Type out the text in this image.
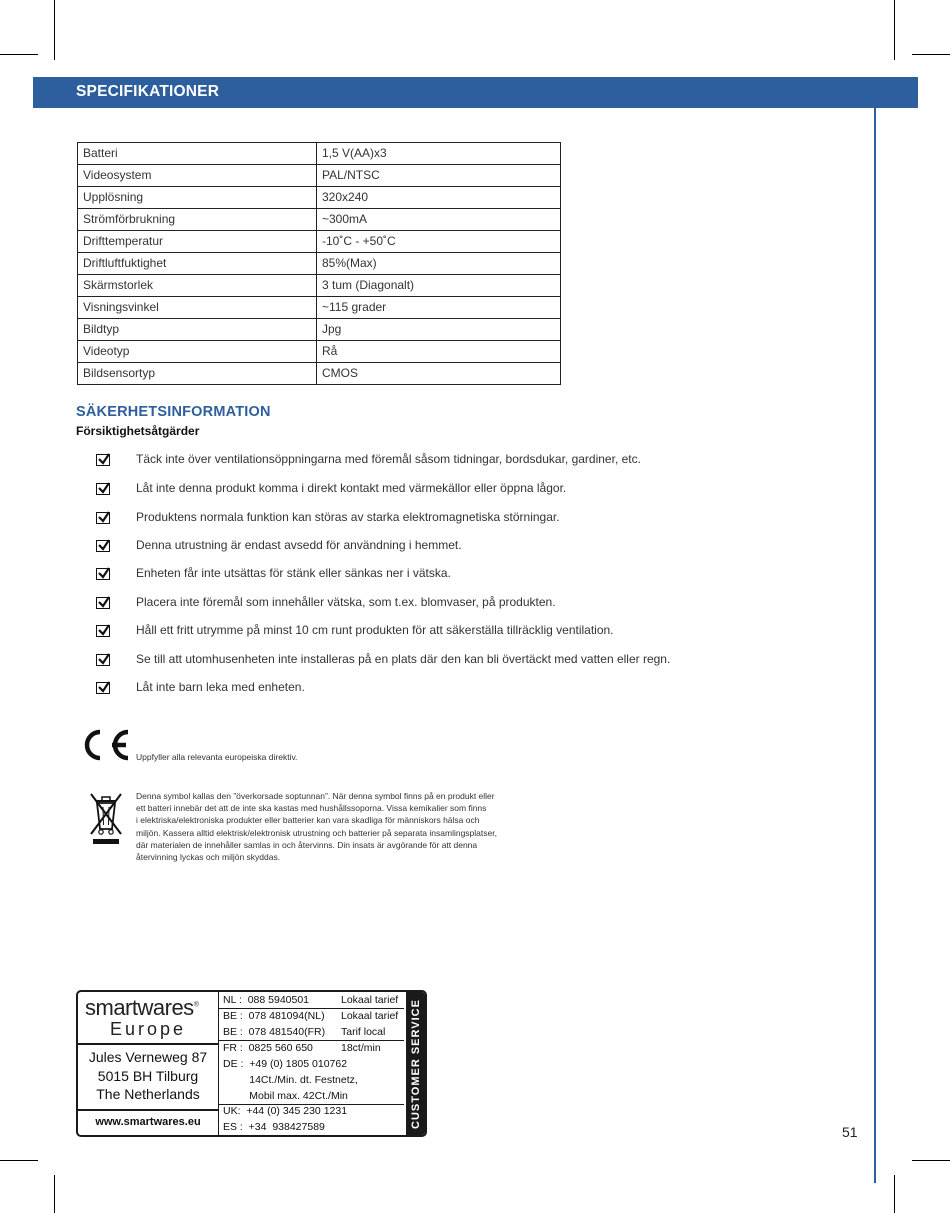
SPECIFIKATIONER
Batteri	1,5 V(AA)x3
Videosystem	PAL/NTSC
Upplösning	320x240
Strömförbrukning	~300mA
Drifttemperatur	-10˚C - +50˚C
Driftluftfuktighet	85%(Max)
Skärmstorlek	3 tum (Diagonalt)
Visningsvinkel	~115 grader
Bildtyp	Jpg
Videotyp	Rå
Bildsensortyp	CMOS
SÄKERHETSINFORMATION
Försiktighetsåtgärder
Täck inte över ventilationsöppningarna med föremål såsom tidningar, bordsdukar, gardiner, etc.
Låt inte denna produkt komma i direkt kontakt med värmekällor eller öppna lågor.
Produktens normala funktion kan störas av starka elektromagnetiska störningar.
Denna utrustning är endast avsedd för användning i hemmet.
Enheten får inte utsättas för stänk eller sänkas ner i vätska.
Placera inte föremål som innehåller vätska, som t.ex. blomvaser, på produkten.
Håll ett fritt utrymme på minst 10 cm runt produkten för att säkerställa tillräcklig ventilation.
Se till att utomhusenheten inte installeras på en plats där den kan bli övertäckt med vatten eller regn.
Låt inte barn leka med enheten.
Uppfyller alla relevanta europeiska direktiv.
Denna symbol kallas den ”överkorsade soptunnan”. När denna symbol finns på en produkt eller
ett batteri innebär det att de inte ska kastas med hushållssoporna. Vissa kemikalier som finns
i elektriska/elektroniska produkter eller batterier kan vara skadliga för människors hälsa och
miljön. Kassera alltid elektrisk/elektronisk utrustning och batterier på separata insamlingsplatser,
där materialen de innehåller samlas in och återvinns. Din insats är avgörande för att denna
återvinning lyckas och miljön skyddas.
smartwares®
Europe
Jules Verneweg 87
5015 BH Tilburg
The Netherlands
www.smartwares.eu
NL :  088 5940501	Lokaal tarief
BE :  078 481094(NL) Lokaal tarief
BE :  078 481540(FR) Tarif local
FR :  0825 560 650	18ct/min
DE :  +49 (0) 1805 010762
14Ct./Min. dt. Festnetz,
Mobil max. 42Ct./Min
UK:  +44 (0) 345 230 1231
ES :  +34  938427589	CUSTOMER SERVICE
51
